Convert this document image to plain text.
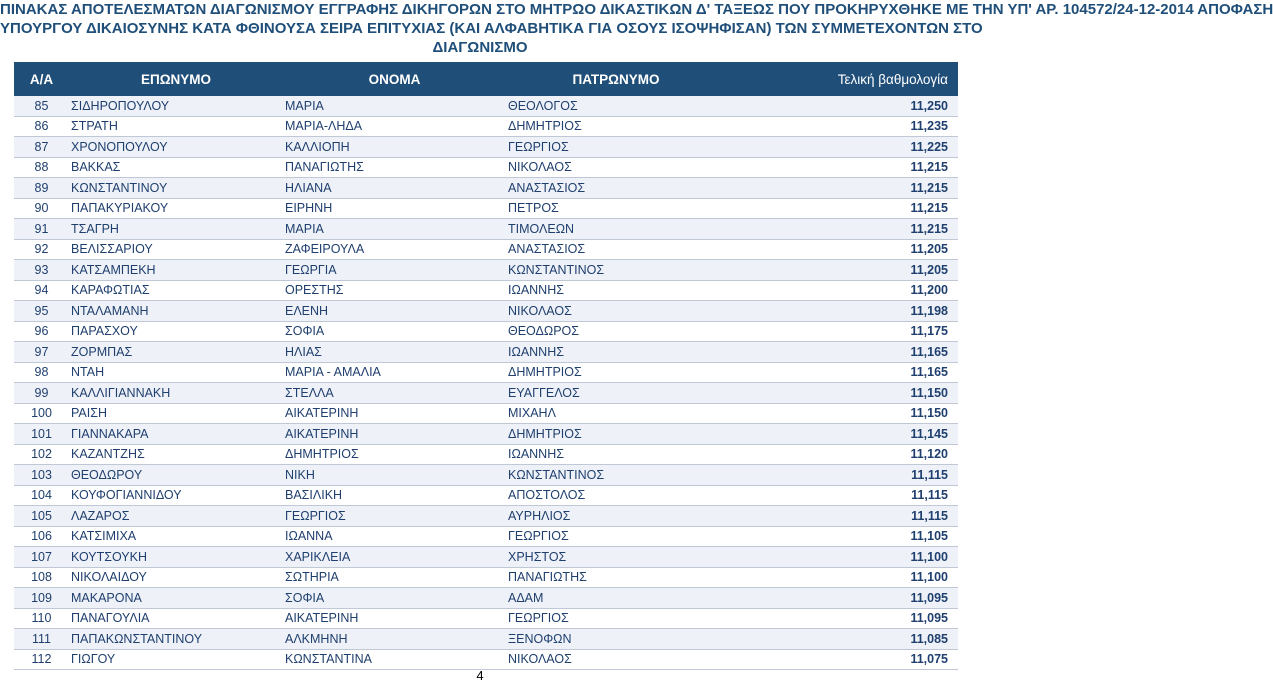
ΠΙΝΑΚΑΣ ΑΠΟΤΕΛΕΣΜΑΤΩΝ ΔΙΑΓΩΝΙΣΜΟΥ ΕΓΓΡΑΦΗΣ ΔΙΚΗΓΟΡΩΝ ΣΤΟ ΜΗΤΡΩΟ ΔΙΚΑΣΤΙΚΩΝ Δ' ΤΑΞΕΩΣ ΠΟΥ ΠΡΟΚΗΡΥΧΘΗΚΕ ΜΕ ΤΗΝ ΥΠ' ΑΡ. 104572/24-12-2014 ΑΠΟΦΑΣΗ
ΥΠΟΥΡΓΟΥ ΔΙΚΑΙΟΣΥΝΗΣ ΚΑΤΑ ΦΘΙΝΟΥΣΑ ΣΕΙΡΑ ΕΠΙΤΥΧΙΑΣ (ΚΑΙ ΑΛΦΑΒΗΤΙΚΑ ΓΙΑ ΟΣΟΥΣ ΙΣΟΨΗΦΙΣΑΝ) ΤΩΝ ΣΥΜΜΕΤΕΧΟΝΤΩΝ ΣΤΟ
ΔΙΑΓΩΝΙΣΜΟ
Α/Α	ΕΠΩΝΥΜΟ	ΟΝΟΜΑ	ΠΑΤΡΩΝΥΜΟ	Τελική βαθμολογία
85	ΣΙΔΗΡΟΠΟΥΛΟΥ	ΜΑΡΙΑ	ΘΕΟΛΟΓΟΣ	11,250
86	ΣΤΡΑΤΗ	ΜΑΡΙΑ-ΛΗΔΑ	ΔΗΜΗΤΡΙΟΣ	11,235
87	ΧΡΟΝΟΠΟΥΛΟΥ	ΚΑΛΛΙΟΠΗ	ΓΕΩΡΓΙΟΣ	11,225
88	ΒΑΚΚΑΣ	ΠΑΝΑΓΙΩΤΗΣ	ΝΙΚΟΛΑΟΣ	11,215
89	ΚΩΝΣΤΑΝΤΙΝΟΥ	ΗΛΙΑΝΑ	ΑΝΑΣΤΑΣΙΟΣ	11,215
90	ΠΑΠΑΚΥΡΙΑΚΟΥ	ΕΙΡΗΝΗ	ΠΕΤΡΟΣ	11,215
91	ΤΣΑΓΡΗ	ΜΑΡΙΑ	ΤΙΜΟΛΕΩΝ	11,215
92	ΒΕΛΙΣΣΑΡΙΟΥ	ΖΑΦΕΙΡΟΥΛΑ	ΑΝΑΣΤΑΣΙΟΣ	11,205
93	ΚΑΤΣΑΜΠΕΚΗ	ΓΕΩΡΓΙΑ	ΚΩΝΣΤΑΝΤΙΝΟΣ	11,205
94	ΚΑΡΑΦΩΤΙΑΣ	ΟΡΕΣΤΗΣ	ΙΩΑΝΝΗΣ	11,200
95	ΝΤΑΛΑΜΑΝΗ	ΕΛΕΝΗ	ΝΙΚΟΛΑΟΣ	11,198
96	ΠΑΡΑΣΧΟΥ	ΣΟΦΙΑ	ΘΕΟΔΩΡΟΣ	11,175
97	ΖΟΡΜΠΑΣ	ΗΛΙΑΣ	ΙΩΑΝΝΗΣ	11,165
98	ΝΤΑΗ	ΜΑΡΙΑ - ΑΜΑΛΙΑ	ΔΗΜΗΤΡΙΟΣ	11,165
99	ΚΑΛΛΙΓΙΑΝΝΑΚΗ	ΣΤΕΛΛΑ	ΕΥΑΓΓΕΛΟΣ	11,150
100	ΡΑΙΣΗ	ΑΙΚΑΤΕΡΙΝΗ	ΜΙΧΑΗΛ	11,150
101	ΓΙΑΝΝΑΚΑΡΑ	ΑΙΚΑΤΕΡΙΝΗ	ΔΗΜΗΤΡΙΟΣ	11,145
102	ΚΑΖΑΝΤΖΗΣ	ΔΗΜΗΤΡΙΟΣ	ΙΩΑΝΝΗΣ	11,120
103	ΘΕΟΔΩΡΟΥ	ΝΙΚΗ	ΚΩΝΣΤΑΝΤΙΝΟΣ	11,115
104	ΚΟΥΦΟΓΙΑΝΝΙΔΟΥ	ΒΑΣΙΛΙΚΗ	ΑΠΟΣΤΟΛΟΣ	11,115
105	ΛΑΖΑΡΟΣ	ΓΕΩΡΓΙΟΣ	ΑΥΡΗΛΙΟΣ	11,115
106	ΚΑΤΣΙΜΙΧΑ	ΙΩΑΝΝΑ	ΓΕΩΡΓΙΟΣ	11,105
107	ΚΟΥΤΣΟΥΚΗ	ΧΑΡΙΚΛΕΙΑ	ΧΡΗΣΤΟΣ	11,100
108	ΝΙΚΟΛΑΙΔΟΥ	ΣΩΤΗΡΙΑ	ΠΑΝΑΓΙΩΤΗΣ	11,100
109	ΜΑΚΑΡΟΝΑ	ΣΟΦΙΑ	ΑΔΑΜ	11,095
110	ΠΑΝΑΓΟΥΛΙΑ	ΑΙΚΑΤΕΡΙΝΗ	ΓΕΩΡΓΙΟΣ	11,095
111	ΠΑΠΑΚΩΝΣΤΑΝΤΙΝΟΥ	ΑΛΚΜΗΝΗ	ΞΕΝΟΦΩΝ	11,085
112	ΓΙΩΓΟΥ	ΚΩΝΣΤΑΝΤΙΝΑ	ΝΙΚΟΛΑΟΣ	11,075
4
